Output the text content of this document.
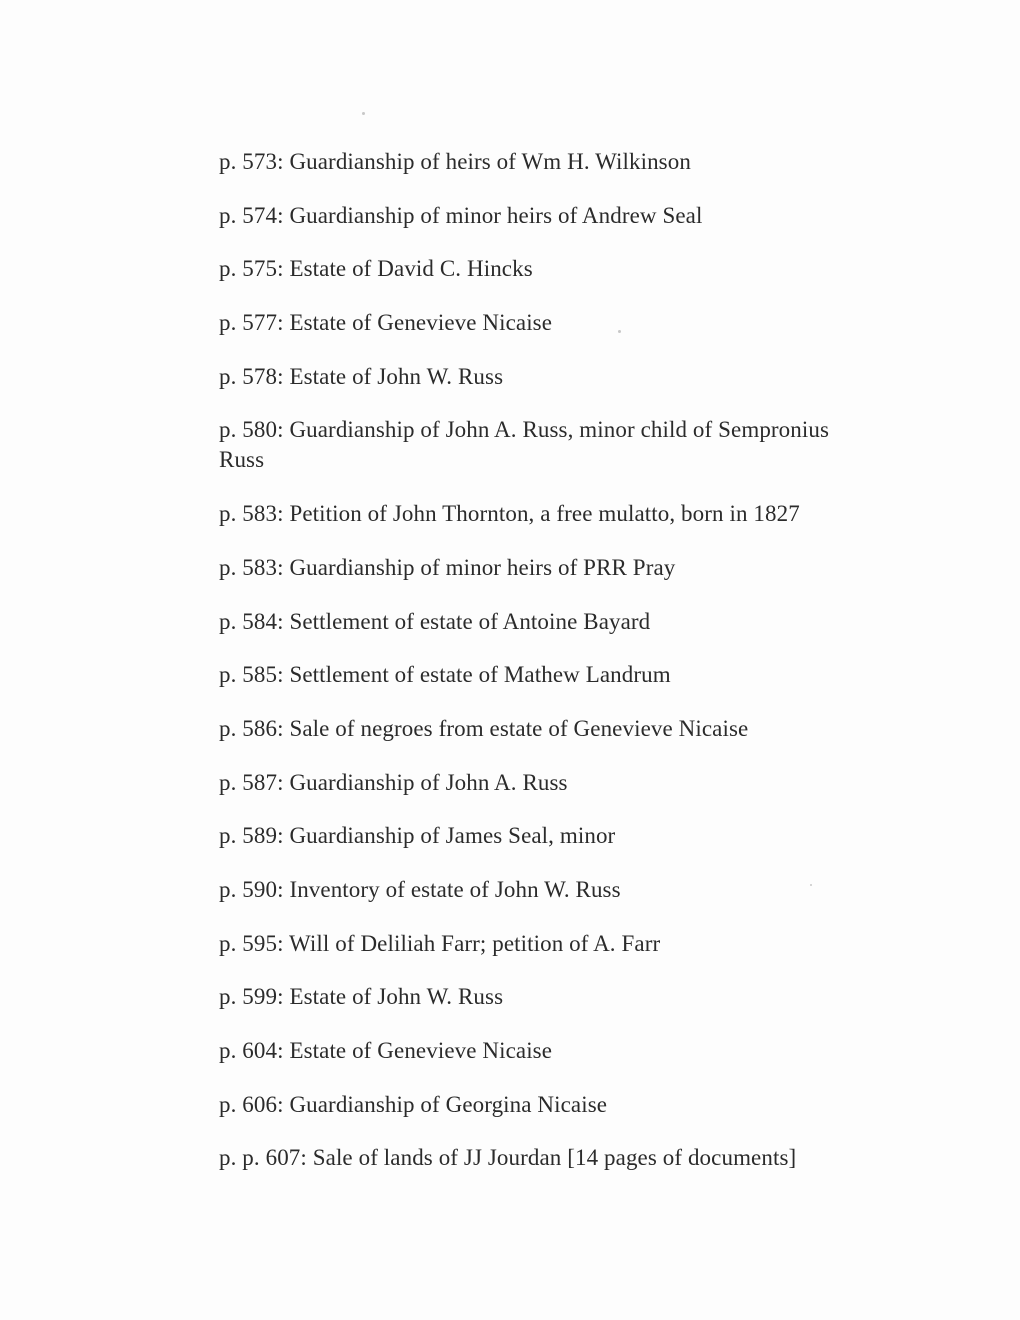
p. 573: Guardianship of heirs of Wm H. Wilkinson
p. 574: Guardianship of minor heirs of Andrew Seal
p. 575: Estate of David C. Hincks
p. 577: Estate of Genevieve Nicaise
p. 578: Estate of John W. Russ
p. 580: Guardianship of John A. Russ, minor child of Sempronius Russ
p. 583: Petition of John Thornton, a free mulatto, born in 1827
p. 583: Guardianship of minor heirs of PRR Pray
p. 584: Settlement of estate of Antoine Bayard
p. 585: Settlement of estate of Mathew Landrum
p. 586: Sale of negroes from estate of Genevieve Nicaise
p. 587: Guardianship of John A. Russ
p. 589: Guardianship of James Seal, minor
p. 590: Inventory of estate of John W. Russ
p. 595: Will of Deliliah Farr; petition of A. Farr
p. 599: Estate of John W. Russ
p. 604: Estate of Genevieve Nicaise
p. 606: Guardianship of Georgina Nicaise
p. p. 607: Sale of lands of JJ Jourdan [14 pages of documents]
